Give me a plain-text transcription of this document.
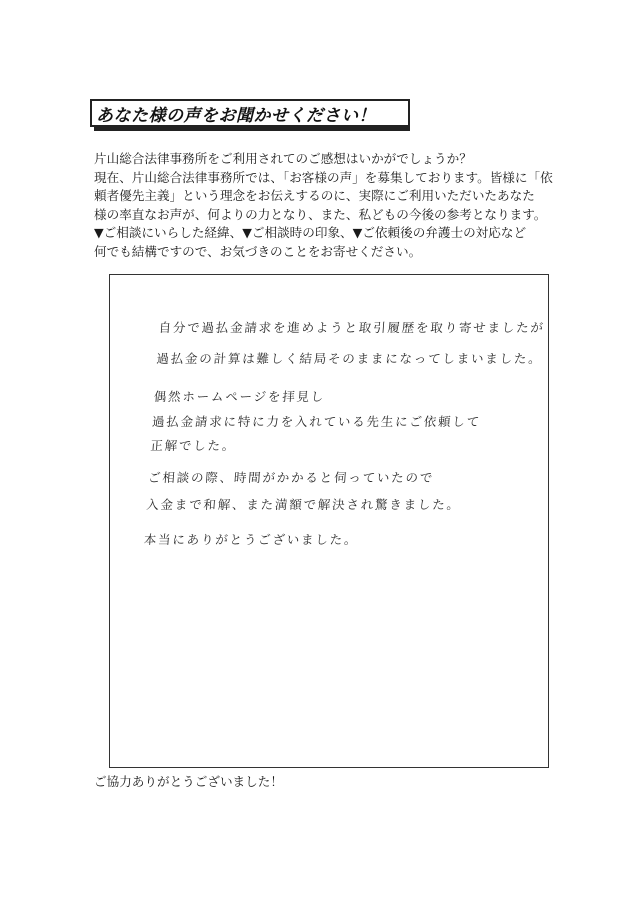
あなた様の声をお聞かせください！
片山総合法律事務所をご利用されてのご感想はいかがでしょうか？
現在、片山総合法律事務所では、「お客様の声」を募集しております。皆様に「依
頼者優先主義」という理念をお伝えするのに、実際にご利用いただいたあなた
様の率直なお声が、何よりの力となり、また、私どもの今後の参考となります。
▼ご相談にいらした経緯、▼ご相談時の印象、▼ご依頼後の弁護士の対応など
何でも結構ですので、お気づきのことをお寄せください。
自分で過払金請求を進めようと取引履歴を取り寄せましたが
過払金の計算は難しく結局そのままになってしまいました。
偶然ホームページを拝見し
過払金請求に特に力を入れている先生にご依頼して
正解でした。
ご相談の際、時間がかかると伺っていたので
入金まで和解、また満額で解決され驚きました。
本当にありがとうございました。
ご協力ありがとうございました！
